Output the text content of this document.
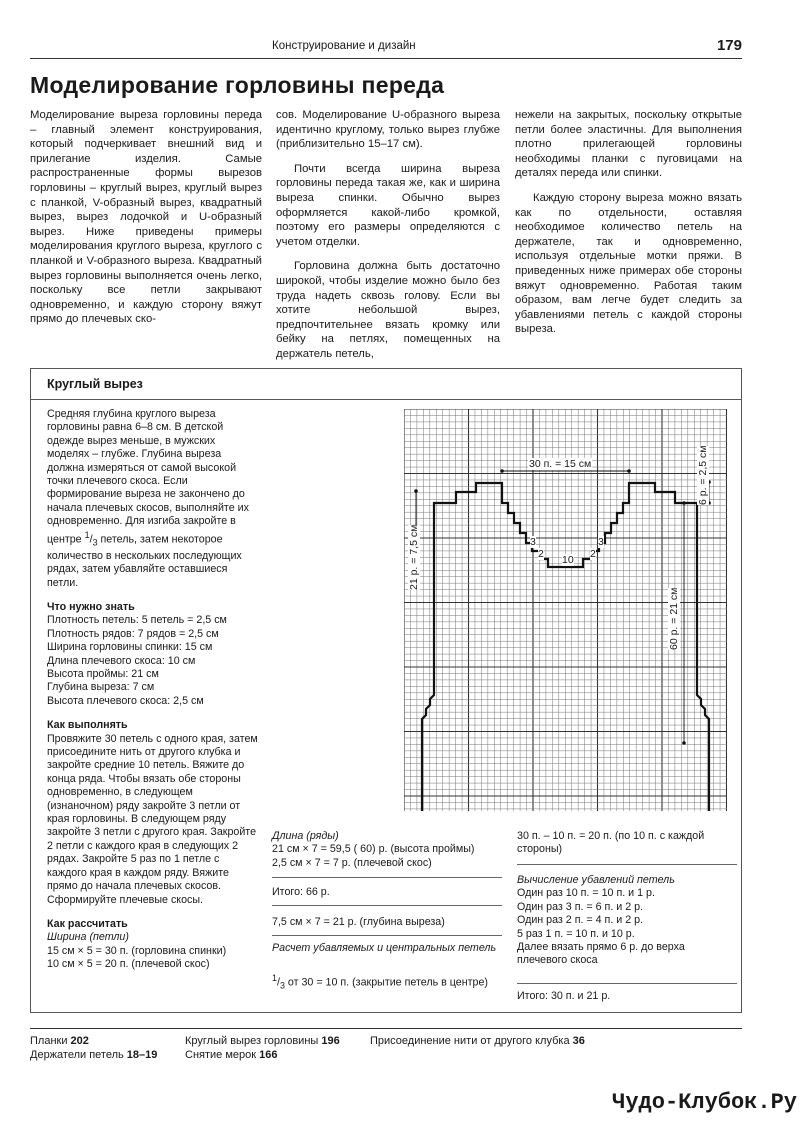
Конструирование и дизайн	179
Моделирование горловины переда

Моделирование выреза горловины переда – главный элемент конструирования, который подчеркивает внешний вид и прилегание изделия. Самые распространенные формы вырезов горловины – круглый вырез, круглый вырез с планкой, V-образный вырез, квадратный вырез, вырез лодочкой и U-образный вырез. Ниже приведены примеры моделирования круглого выреза, круглого с планкой и V-образного выреза. Квадратный вырез горловины выполняется очень легко, поскольку все петли закрывают одновременно, и каждую сторону вяжут прямо до плечевых ско-

сов. Моделирование U-образного выреза идентично круглому, только вырез глубже (приблизительно 15–17 см).

Почти всегда ширина выреза горловины переда такая же, как и ширина выреза спинки. Обычно вырез оформляется какой-либо кромкой, поэтому его размеры определяются с учетом отделки.

Горловина должна быть достаточно широкой, чтобы изделие можно было без труда надеть сквозь голову. Если вы хотите небольшой вырез, предпочтительнее вязать кромку или бейку на петлях, помещенных на держатель петель,

нежели на закрытых, поскольку открытые петли более эластичны. Для выполнения плотно прилегающей горловины необходимы планки с пуговицами на деталях переда или спинки.

Каждую сторону выреза можно вязать как по отдельности, оставляя необходимое количество петель на держателе, так и одновременно, используя отдельные мотки пряжи. В приведенных ниже примерах обе стороны вяжут одновременно. Работая таким образом, вам легче будет следить за убавлениями петель с каждой стороны выреза.

Круглый вырез

Средняя глубина круглого выреза горловины равна 6–8 см. В детской одежде вырез меньше, в мужских моделях – глубже. Глубина выреза должна измеряться от самой высокой точки плечевого скоса. Если формирование выреза не закончено до начала плечевых скосов, выполняйте их одновременно. Для изгиба закройте в центре $^1/_3$ петель, затем некоторое количество в нескольких последующих рядах, затем убавляйте оставшиеся петли.

Что нужно знать

Плотность петель: 5 петель = 2,5 см

Плотность рядов: 7 рядов = 2,5 см

Ширина горловины спинки: 15 см

Длина плечевого скоса: 10 см

Высота проймы: 21 см

Глубина выреза: 7 см

Высота плечевого скоса: 2,5 см

Как выполнять

Провяжите 30 петель с одного края, затем присоедините нить от другого клубка и закройте средние 10 петель. Вяжите до конца ряда. Чтобы вязать обе стороны одновременно, в следующем (изнаночном) ряду закройте 3 петли от края горловины. В следующем ряду закройте 3 петли с другого края. Закройте 2 петли с каждого края в следующих 2 рядах. Закройте 5 раз по 1 петле с каждого края в каждом ряду. Вяжите прямо до начала плечевых скосов. Сформируйте плечевые скосы.

Как рассчитать

Ширина (петли)

15 см × 5 = 30 п. (горловина спинки)

10 см × 5 = 20 п. (плечевой скос)

30 п. = 15 см
21 р. = 7,5 см
6 р. = 2,5 см
60 р. = 21 см
3	3
2	2
10

Длина (ряды)

21 см × 7 = 59,5 ( 60) р. (высота проймы)

2,5 см × 7 = 7 р. (плечевой скос)

Итого: 66 р.
7,5 см × 7 = 21 р. (глубина выреза)
Расчет убавляемых и центральных петель
$^1/_3$ от 30 = 10 п. (закрытие петель в центре)
30 п. – 10 п. = 20 п. (по 10 п. с каждой стороны)

Вычисление убавлений петель

Один раз 10 п. = 10 п. и 1 р.

Один раз 3 п. = 6 п. и 2 р.

Один раз 2 п. = 4 п. и 2 р.

5 раз 1 п. = 10 п. и 10 р.

Далее вязать прямо 6 р. до верха плечевого скоса

Итого: 30 п. и 21 р.
Планки 202
Держатели петель 18–19
Круглый вырез горловины 196
Снятие мерок 166
Присоединение нити от другого клубка 36
Чудо-Клубок.Ру
